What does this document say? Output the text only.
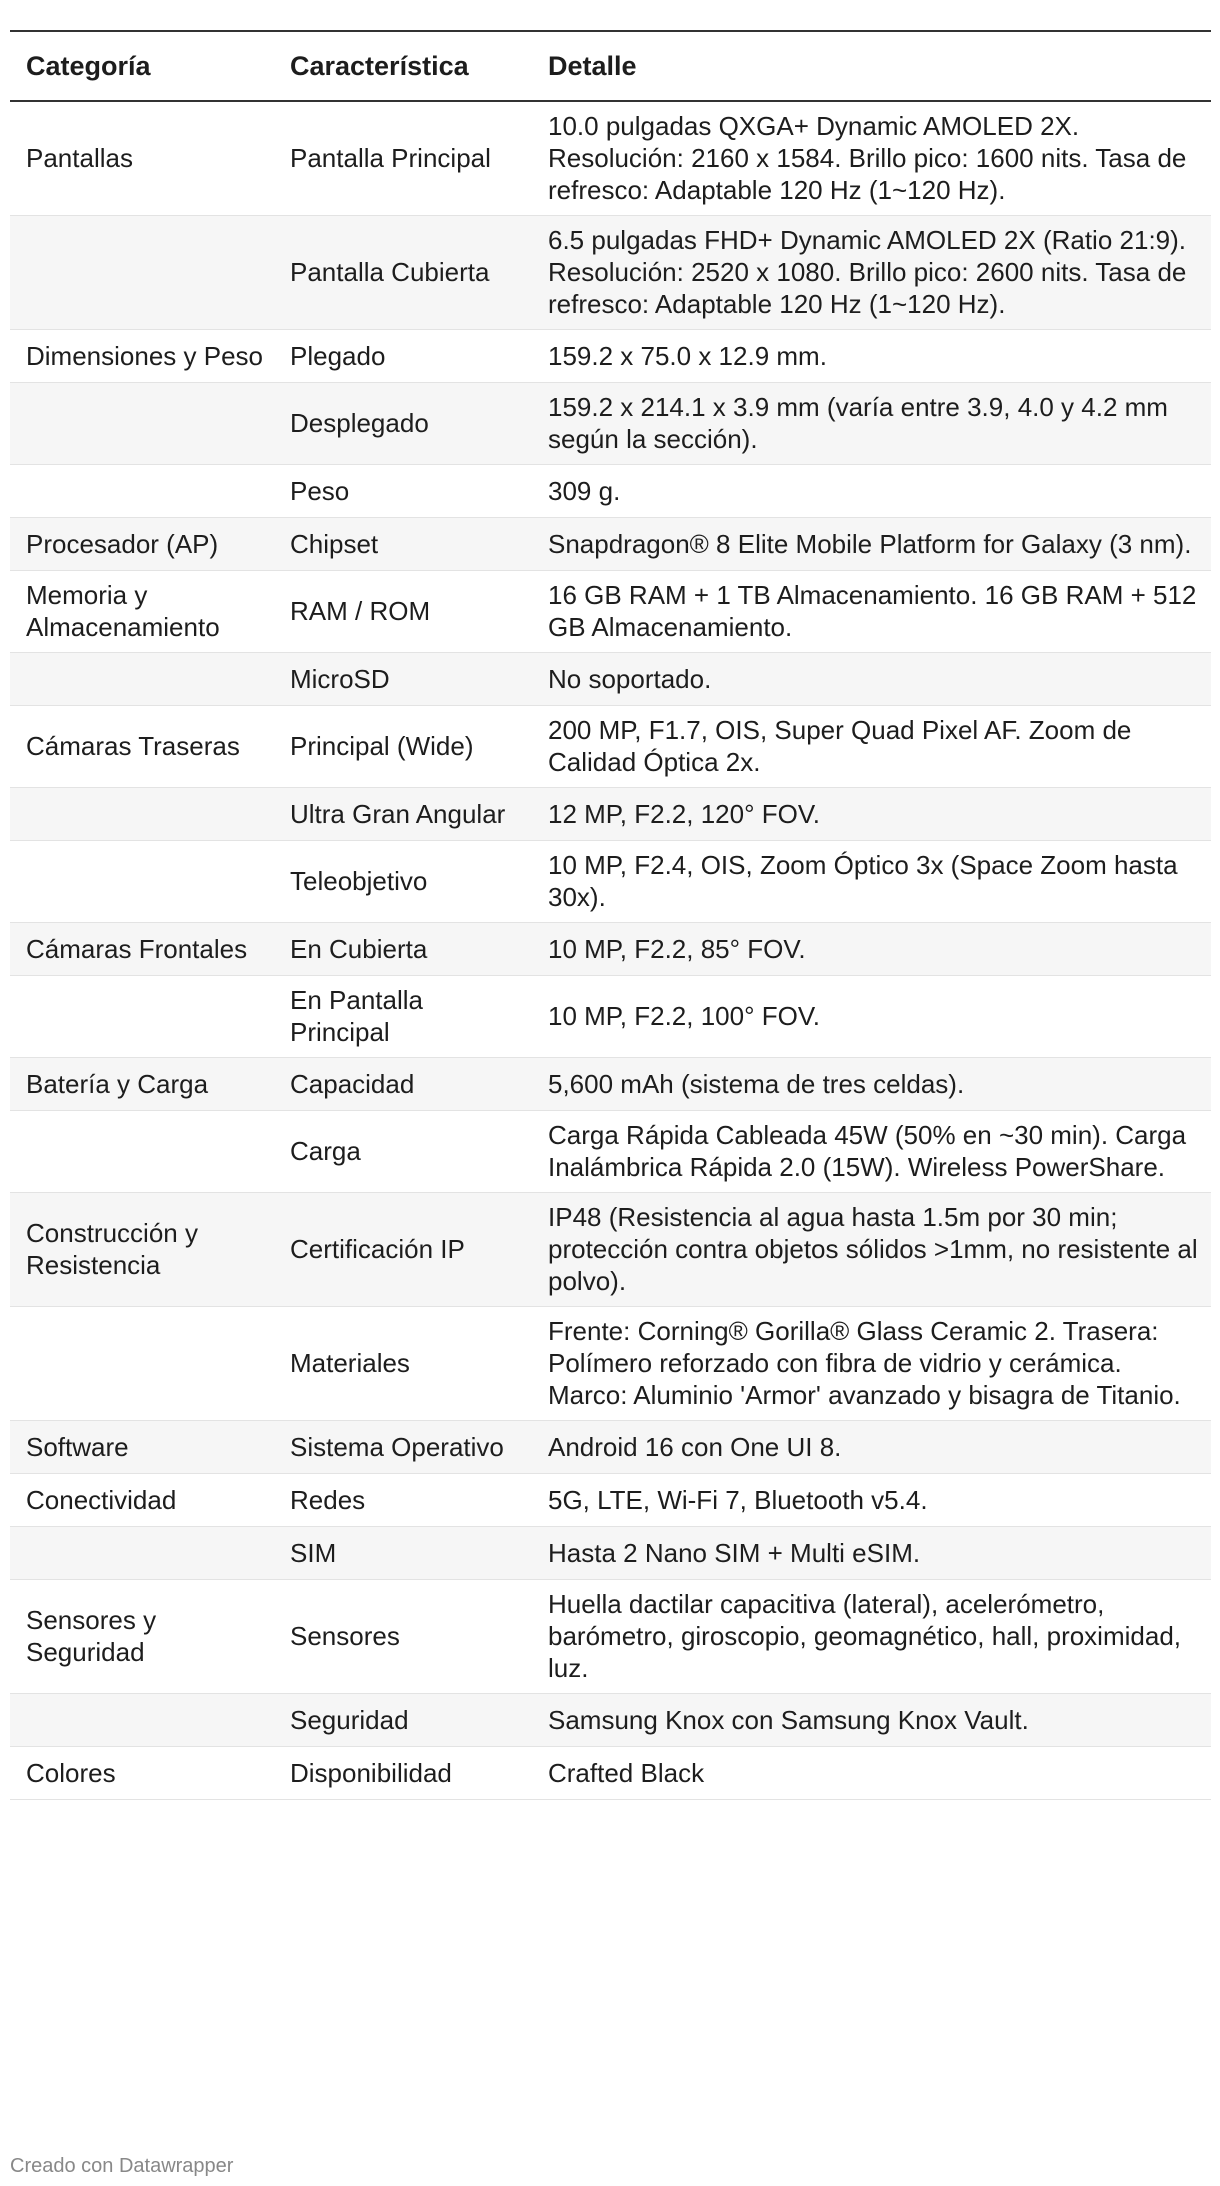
Categoría	Característica	Detalle
Pantallas	Pantalla Principal	10.0 pulgadas QXGA+ Dynamic AMOLED 2X. Resolución: 2160 x 1584. Brillo pico: 1600 nits. Tasa de refresco: Adaptable 120 Hz (1~120 Hz).
	Pantalla Cubierta	6.5 pulgadas FHD+ Dynamic AMOLED 2X (Ratio 21:9). Resolución: 2520 x 1080. Brillo pico: 2600 nits. Tasa de refresco: Adaptable 120 Hz (1~120 Hz).
Dimensiones y Peso	Plegado	159.2 x 75.0 x 12.9 mm.
	Desplegado	159.2 x 214.1 x 3.9 mm (varía entre 3.9, 4.0 y 4.2 mm según la sección).
	Peso	309 g.
Procesador (AP)	Chipset	Snapdragon® 8 Elite Mobile Platform for Galaxy (3 nm).
Memoria y Almacenamiento	RAM / ROM	16 GB RAM + 1 TB Almacenamiento. 16 GB RAM + 512 GB Almacenamiento.
	MicroSD	No soportado.
Cámaras Traseras	Principal (Wide)	200 MP, F1.7, OIS, Super Quad Pixel AF. Zoom de Calidad Óptica 2x.
	Ultra Gran Angular	12 MP, F2.2, 120° FOV.
	Teleobjetivo	10 MP, F2.4, OIS, Zoom Óptico 3x (Space Zoom hasta 30x).
Cámaras Frontales	En Cubierta	10 MP, F2.2, 85° FOV.
	En Pantalla Principal	10 MP, F2.2, 100° FOV.
Batería y Carga	Capacidad	5,600 mAh (sistema de tres celdas).
	Carga	Carga Rápida Cableada 45W (50% en ~30 min). Carga Inalámbrica Rápida 2.0 (15W). Wireless PowerShare.
Construcción y Resistencia	Certificación IP	IP48 (Resistencia al agua hasta 1.5m por 30 min; protección contra objetos sólidos >1mm, no resistente al polvo).
	Materiales	Frente: Corning® Gorilla® Glass Ceramic 2. Trasera: Polímero reforzado con fibra de vidrio y cerámica. Marco: Aluminio 'Armor' avanzado y bisagra de Titanio.
Software	Sistema Operativo	Android 16 con One UI 8.
Conectividad	Redes	5G, LTE, Wi-Fi 7, Bluetooth v5.4.
	SIM	Hasta 2 Nano SIM + Multi eSIM.
Sensores y Seguridad	Sensores	Huella dactilar capacitiva (lateral), acelerómetro, barómetro, giroscopio, geomagnético, hall, proximidad, luz.
	Seguridad	Samsung Knox con Samsung Knox Vault.
Colores	Disponibilidad	Crafted Black
Creado con Datawrapper
